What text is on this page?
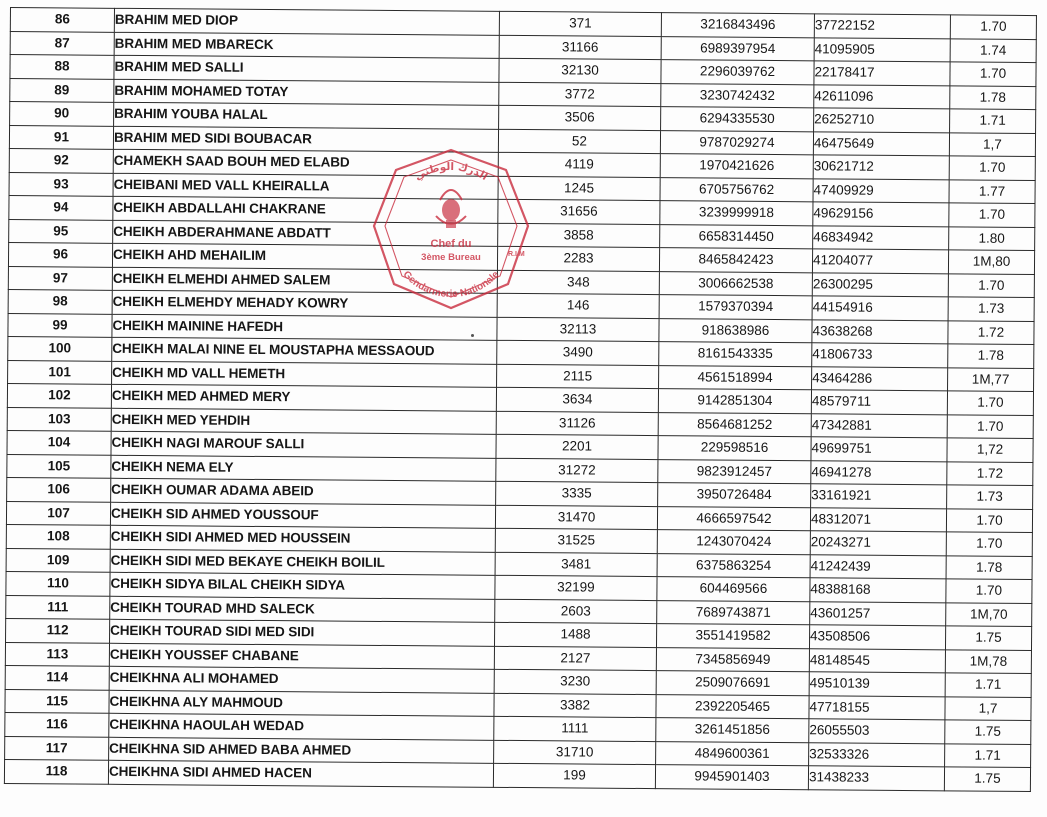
86	BRAHIM MED DIOP	371	3216843496	37722152	1.70
87	BRAHIM MED MBARECK	31166	6989397954	41095905	1.74
88	BRAHIM MED SALLI	32130	2296039762	22178417	1.70
89	BRAHIM MOHAMED TOTAY	3772	3230742432	42611096	1.78
90	BRAHIM YOUBA HALAL	3506	6294335530	26252710	1.71
91	BRAHIM MED SIDI BOUBACAR	52	9787029274	46475649	1,7
92	CHAMEKH SAAD BOUH MED ELABD	4119	1970421626	30621712	1.70
93	CHEIBANI MED VALL KHEIRALLA	1245	6705756762	47409929	1.77
94	CHEIKH ABDALLAHI CHAKRANE	31656	3239999918	49629156	1.70
95	CHEIKH ABDERAHMANE ABDATT	3858	6658314450	46834942	1.80
96	CHEIKH AHD MEHAILIM	2283	8465842423	41204077	1M,80
97	CHEIKH ELMEHDI AHMED SALEM	348	3006662538	26300295	1.70
98	CHEIKH ELMEHDY MEHADY KOWRY	146	1579370394	44154916	1.73
99	CHEIKH MAININE HAFEDH	32113	918638986	43638268	1.72
100	CHEIKH MALAI NINE EL MOUSTAPHA MESSAOUD	3490	8161543335	41806733	1.78
101	CHEIKH MD VALL HEMETH	2115	4561518994	43464286	1M,77
102	CHEIKH MED AHMED MERY	3634	9142851304	48579711	1.70
103	CHEIKH MED YEHDIH	31126	8564681252	47342881	1.70
104	CHEIKH NAGI MAROUF SALLI	2201	229598516	49699751	1,72
105	CHEIKH NEMA ELY	31272	9823912457	46941278	1.72
106	CHEIKH OUMAR ADAMA ABEID	3335	3950726484	33161921	1.73
107	CHEIKH SID AHMED YOUSSOUF	31470	4666597542	48312071	1.70
108	CHEIKH SIDI AHMED MED HOUSSEIN	31525	1243070424	20243271	1.70
109	CHEIKH SIDI MED BEKAYE CHEIKH BOILIL	3481	6375863254	41242439	1.78
110	CHEIKH SIDYA BILAL CHEIKH SIDYA	32199	604469566	48388168	1.70
111	CHEIKH TOURAD MHD SALECK	2603	7689743871	43601257	1M,70
112	CHEIKH TOURAD SIDI MED SIDI	1488	3551419582	43508506	1.75
113	CHEIKH YOUSSEF CHABANE	2127	7345856949	48148545	1M,78
114	CHEIKHNA ALI MOHAMED	3230	2509076691	49510139	1.71
115	CHEIKHNA ALY MAHMOUD	3382	2392205465	47718155	1,7
116	CHEIKHNA HAOULAH WEDAD	1111	3261451856	26055503	1.75
117	CHEIKHNA SID AHMED BABA AHMED	31710	4849600361	32533326	1.71
118	CHEIKHNA SIDI AHMED HACEN	199	9945901403	31438233	1.75
الدرك الوطني
Gendarmerie Nationale
R.I.M
Chef du
3ème Bureau
